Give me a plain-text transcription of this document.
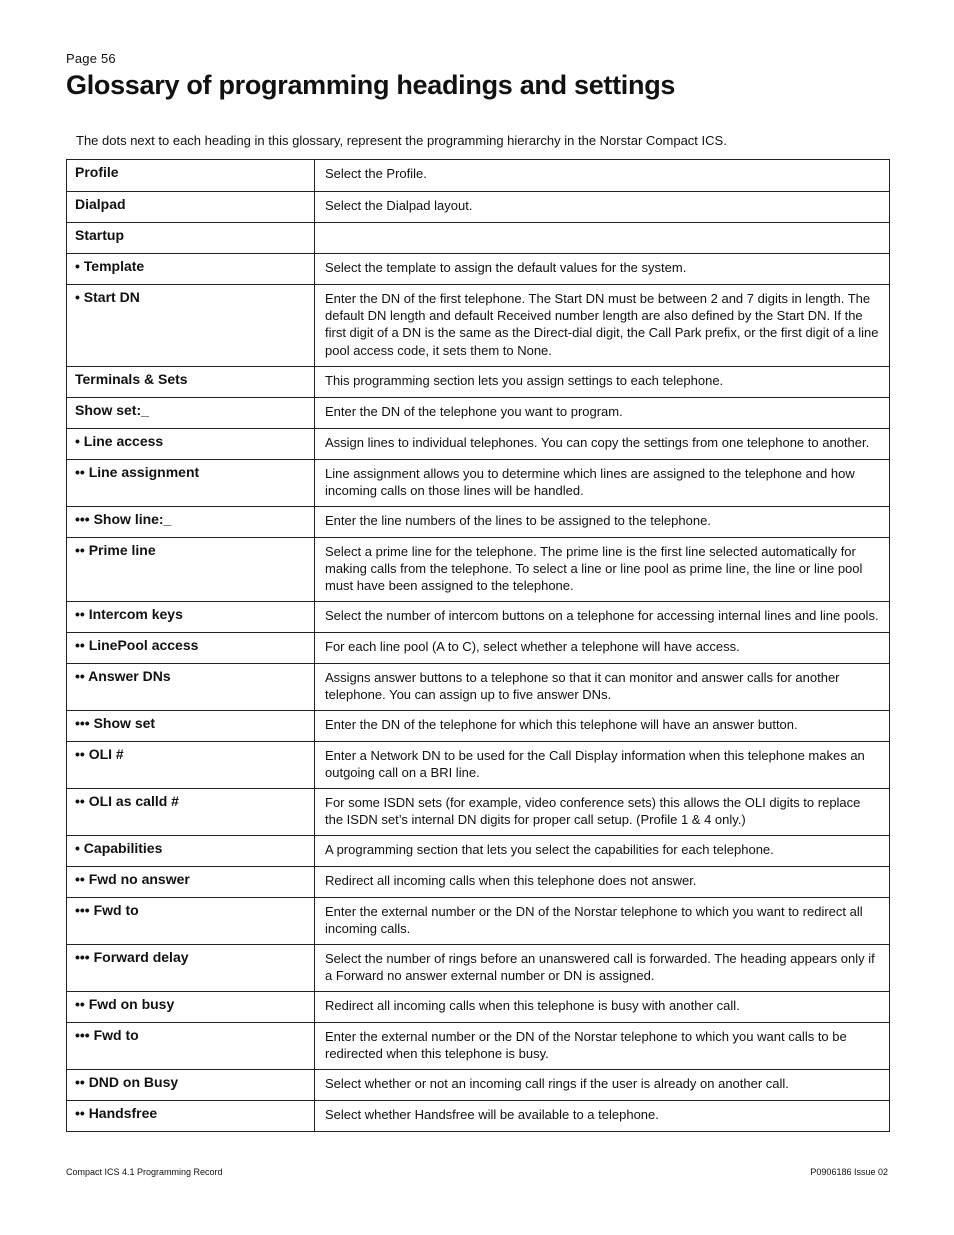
Page 56
Glossary of programming headings and settings
The dots next to each heading in this glossary, represent the programming hierarchy in the Norstar Compact ICS.
Profile	Select the Profile.
Dialpad	Select the Dialpad layout.
Startup	
• Template	Select the template to assign the default values for the system.
• Start DN	Enter the DN of the first telephone. The Start DN must be between 2 and 7 digits in length. The default DN length and default Received number length are also defined by the Start DN. If the first digit of a DN is the same as the Direct-dial digit, the Call Park prefix, or the first digit of a line pool access code, it sets them to None.
Terminals & Sets	This programming section lets you assign settings to each telephone.
Show set:_	Enter the DN of the telephone you want to program.
• Line access	Assign lines to individual telephones. You can copy the settings from one telephone to another.
•• Line assignment	Line assignment allows you to determine which lines are assigned to the telephone and how incoming calls on those lines will be handled.
••• Show line:_	Enter the line numbers of the lines to be assigned to the telephone.
•• Prime line	Select a prime line for the telephone. The prime line is the first line selected automatically for making calls from the telephone. To select a line or line pool as prime line, the line or line pool must have been assigned to the telephone.
•• Intercom keys	Select the number of intercom buttons on a telephone for accessing internal lines and line pools.
•• LinePool access	For each line pool (A to C), select whether a telephone will have access.
•• Answer DNs	Assigns answer buttons to a telephone so that it can monitor and answer calls for another telephone. You can assign up to five answer DNs.
••• Show set	Enter the DN of the telephone for which this telephone will have an answer button.
•• OLI #	Enter a Network DN to be used for the Call Display information when this telephone makes an outgoing call on a BRI line.
•• OLI as calld #	For some ISDN sets (for example, video conference sets) this allows the OLI digits to replace the ISDN set’s internal DN digits for proper call setup. (Profile 1 & 4 only.)
• Capabilities	A programming section that lets you select the capabilities for each telephone.
•• Fwd no answer	Redirect all incoming calls when this telephone does not answer.
••• Fwd to	Enter the external number or the DN of the Norstar telephone to which you want to redirect all incoming calls.
••• Forward delay	Select the number of rings before an unanswered call is forwarded. The heading appears only if a Forward no answer external number or DN is assigned.
•• Fwd on busy	Redirect all incoming calls when this telephone is busy with another call.
••• Fwd to	Enter the external number or the DN of the Norstar telephone to which you want calls to be redirected when this telephone is busy.
•• DND on Busy	Select whether or not an incoming call rings if the user is already on another call.
•• Handsfree	Select whether Handsfree will be available to a telephone.
Compact ICS 4.1 Programming Record	P0906186 Issue 02
